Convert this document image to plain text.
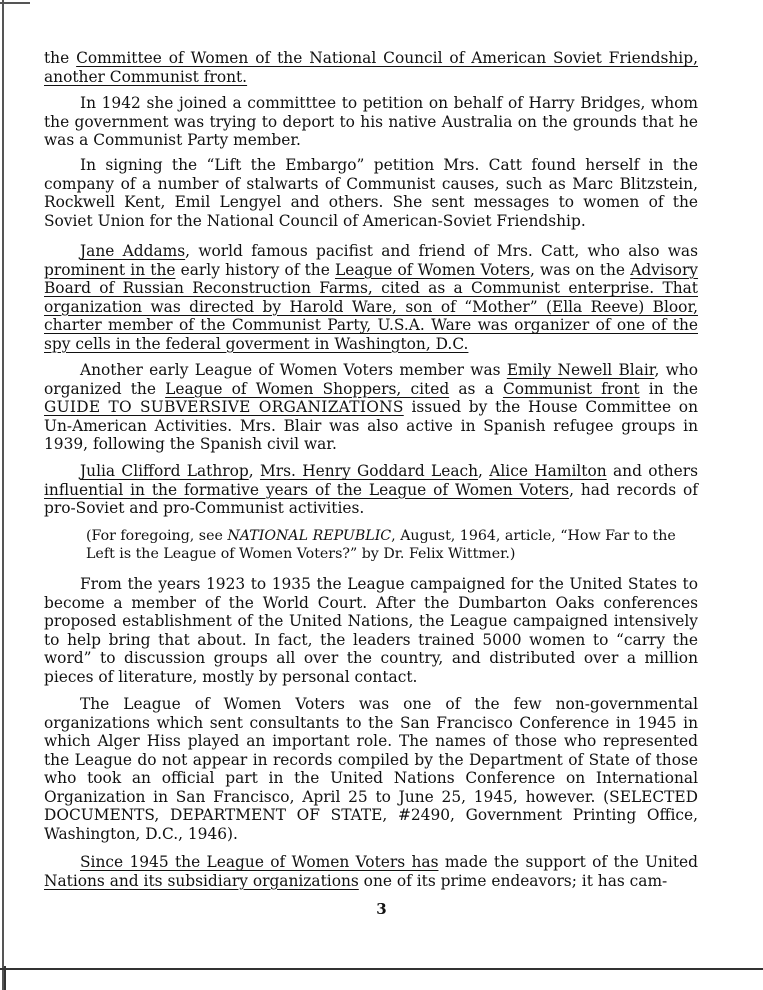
the Committee of Women of the National Council of American Soviet Friendship, another Communist front.

In 1942 she joined a committtee to petition on behalf of Harry Bridges, whom the government was trying to deport to his native Australia on the grounds that he was a Communist Party member.

In signing the “Lift the Embargo” petition Mrs. Catt found herself in the company of a number of stalwarts of Communist causes, such as Marc Blitzstein, Rockwell Kent, Emil Lengyel and others. She sent messages to women of the Soviet Union for the National Council of American-Soviet Friendship.

Jane Addams, world famous pacifist and friend of Mrs. Catt, who also was prominent in the early history of the League of Women Voters, was on the Advisory Board of Russian Reconstruction Farms, cited as a Communist enterprise. That organization was directed by Harold Ware, son of “Mother” (Ella Reeve) Bloor, charter member of the Communist Party, U.S.A. Ware was organizer of one of the spy cells in the federal goverment in Washington, D.C.

Another early League of Women Voters member was Emily Newell Blair, who organized the League of Women Shoppers, cited as a Communist front in the GUIDE TO SUBVERSIVE ORGANIZATIONS issued by the House Committee on Un-American Activities. Mrs. Blair was also active in Spanish refugee groups in 1939, following the Spanish civil war.

Julia Clifford Lathrop, Mrs. Henry Goddard Leach, Alice Hamilton and others influential in the formative years of the League of Women Voters, had records of pro-Soviet and pro-Communist activities.

(For foregoing, see NATIONAL REPUBLIC, August, 1964, article, “How Far to the Left is the League of Women Voters?” by Dr. Felix Wittmer.)

From the years 1923 to 1935 the League campaigned for the United States to become a member of the World Court. After the Dumbarton Oaks conferences proposed establishment of the United Nations, the League campaigned intensively to help bring that about. In fact, the leaders trained 5000 women to “carry the word” to discussion groups all over the country, and distributed over a million pieces of literature, mostly by personal contact.

The League of Women Voters was one of the few non-governmental organizations which sent consultants to the San Francisco Conference in 1945 in which Alger Hiss played an important role. The names of those who represented the League do not appear in records compiled by the Department of State of those who took an official part in the United Nations Conference on International Organization in San Francisco, April 25 to June 25, 1945, however. (SELECTED DOCUMENTS, DEPARTMENT OF STATE, #2490, Government Printing Office, Washington, D.C., 1946).

Since 1945 the League of Women Voters has made the support of the United Nations and its subsidiary organizations one of its prime endeavors; it has cam-

3
